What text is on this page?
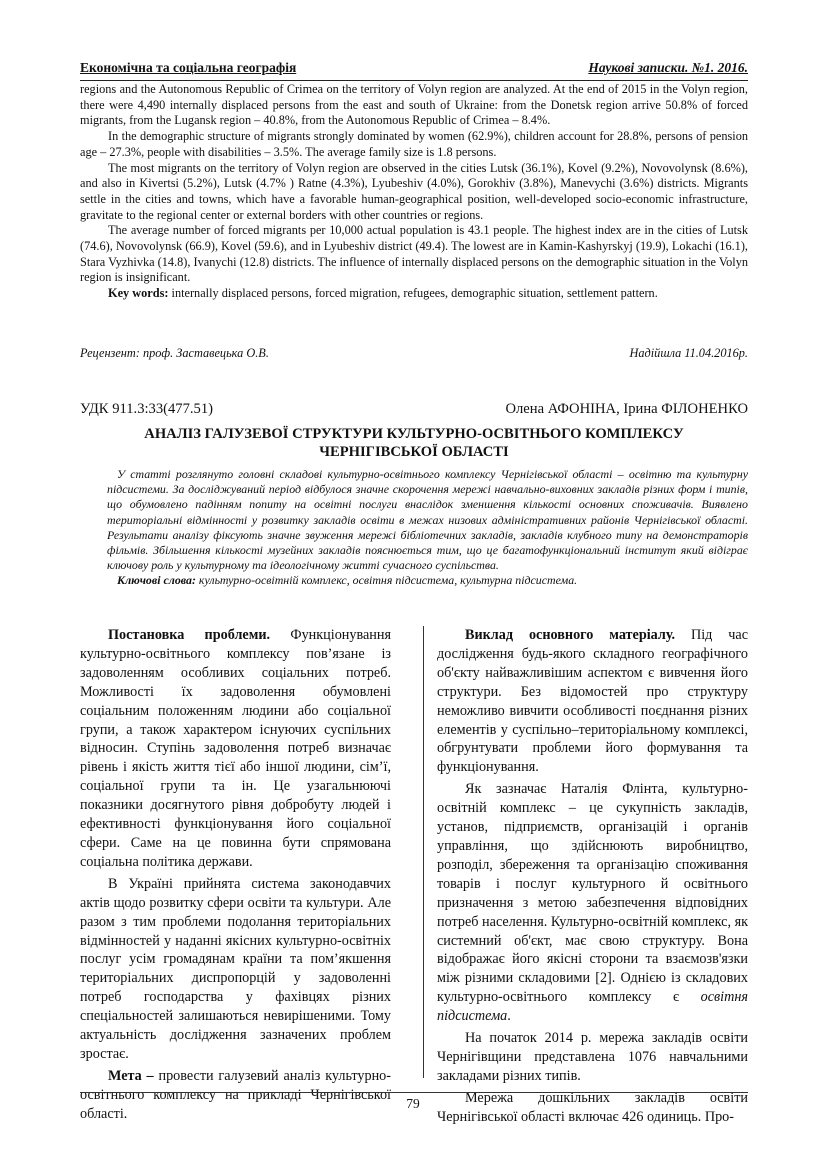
Економічна та соціальна географія	Наукові записки. №1. 2016.

regions and the Autonomous Republic of Crimea on the territory of Volyn region are analyzed. At the end of 2015 in the Volyn region, there were 4,490 internally displaced persons from the east and south of Ukraine: from the Donetsk region arrive 50.8% of forced migrants, from the Lugansk region – 40.8%, from the Autonomous Republic of Crimea – 8.4%.

In the demographic structure of migrants strongly dominated by women (62.9%), children account for 28.8%, persons of pension age – 27.3%, people with disabilities – 3.5%. The average family size is 1.8 persons.

The most migrants on the territory of Volyn region are observed in the cities Lutsk (36.1%), Kovel (9.2%), Novovolynsk (8.6%), and also in Kivertsi (5.2%), Lutsk (4.7% ) Ratne (4.3%), Lyubeshiv (4.0%), Gorokhiv (3.8%), Manevychi (3.6%) districts. Migrants settle in the cities and towns, which have a favorable human-geographical position, well-developed socio-economic infrastructure, gravitate to the regional center or external borders with other countries or regions.

The average number of forced migrants per 10,000 actual population is 43.1 people. The highest index are in the cities of Lutsk (74.6), Novovolynsk (66.9), Kovel (59.6), and in Lyubeshiv district (49.4). The lowest are in Kamin-Kashyrskyj (19.9), Lokachi (16.1), Stara Vyzhivka (14.8), Ivanychi (12.8) districts. The influence of internally displaced persons on the demographic situation in the Volyn region is insignificant.

Key words: internally displaced persons, forced migration, refugees, demographic situation, settlement pattern.

Рецензент: проф. Заставецька О.В.	Надійшла 11.04.2016р.
УДК 911.3:33(477.51)	Олена АФОНІНА, Ірина ФІЛОНЕНКО
АНАЛІЗ ГАЛУЗЕВОЇ СТРУКТУРИ КУЛЬТУРНО-ОСВІТНЬОГО КОМПЛЕКСУ
ЧЕРНІГІВСЬКОЇ ОБЛАСТІ

У статті розглянуто головні складові культурно-освітнього комплексу Чернігівської області – освітню та культурну підсистеми. За досліджуваний період відбулося значне скорочення мережі навчально-виховних закладів різних форм і типів, що обумовлено падінням попиту на освітні послуги внаслідок зменшення кількості основних споживачів. Виявлено територіальні відмінності у розвитку закладів освіти в межах низових адміністративних районів Чернігівської області. Результати аналізу фіксують значне звуження мережі бібліотечних закладів, закладів клубного типу на демонстраторів фільмів. Збільшення кількості музейних закладів пояснюється тим, що це багатофункціональний інститут який відіграє ключову роль у культурному та ідеологічному житті сучасного суспільства.

Ключові слова: культурно-освітній комплекс, освітня підсистема, культурна підсистема.

Постановка проблеми. Функціонування культурно-освітнього комплексу пов’язане із задоволенням особливих соціальних потреб. Можливості їх задоволення обумовлені соціальним положенням людини або соціальної групи, а також характером існуючих суспільних відносин. Ступінь задоволення потреб визначає рівень і якість життя тієї або іншої людини, сім’ї, соціальної групи та ін. Це узагальнюючі показники досягнутого рівня добробуту людей і ефективності функціонування його соціальної сфери. Саме на це повинна бути спрямована соціальна політика держави.

В Україні прийнята система законодавчих актів щодо розвитку сфери освіти та культури. Але разом з тим проблеми подолання територіальних відмінностей у наданні якісних культурно-освітніх послуг усім громадянам країни та пом’якшення територіальних диспропорцій у задоволенні потреб господарства у фахівцях різних спеціальностей залишаються невирішеними. Тому актуальність дослідження зазначених проблем зростає.

Мета – провести галузевий аналіз культурно-освітнього комплексу на прикладі Чернігівської області.

Виклад основного матеріалу. Під час дослідження будь-якого складного географічного об'єкту найважливішим аспектом є вивчення його структури. Без відомостей про структуру неможливо вивчити особливості поєднання різних елементів у суспільно–територіальному комплексі, обгрунтувати проблеми його формування та функціонування.

Як зазначає Наталія Флінта, культурно-освітній комплекс – це сукупність закладів, установ, підприємств, організацій і органів управління, що здійснюють виробництво, розподіл, збереження та організацію споживання товарів і послуг культурного й освітнього призначення з метою забезпечення відповідних потреб населення. Культурно-освітній комплекс, як системний об'єкт, має свою структуру. Вона відображає його якісні сторони та взаємозв'язки між різними складовими [2]. Однією із складових культурно-освітнього комплексу є освітня підсистема.

На початок 2014 р. мережа закладів освіти Чернігівщини представлена 1076 навчальними закладами різних типів.

Мережа дошкільних закладів освіти Чернігівської області включає 426 одиниць. Про-

79
